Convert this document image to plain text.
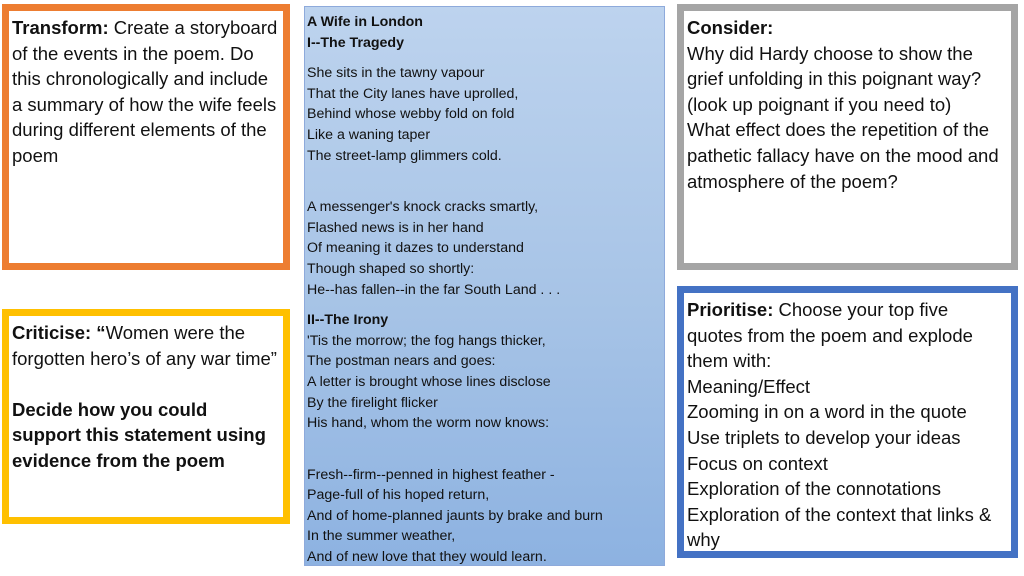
Transform: Create a storyboard of the events in the poem. Do this chronologically and include a summary of how the wife feels during different elements of the poem
Criticise: “Women were the forgotten hero’s of any war time”
Decide how you could support this statement using evidence from the poem
A Wife in London
I--The Tragedy
She sits in the tawny vapour
That the City lanes have uprolled,
Behind whose webby fold on fold
Like a waning taper
The street-lamp glimmers cold.
A messenger's knock cracks smartly,
Flashed news is in her hand
Of meaning it dazes to understand
Though shaped so shortly:
He--has fallen--in the far South Land . . .
II--The Irony
'Tis the morrow; the fog hangs thicker,
The postman nears and goes:
A letter is brought whose lines disclose
By the firelight flicker
His hand, whom the worm now knows:
Fresh--firm--penned in highest feather -
Page-full of his hoped return,
And of home-planned jaunts by brake and burn
In the summer weather,
And of new love that they would learn.
Consider:
Why did Hardy choose to show the grief unfolding in this poignant way? (look up poignant if you need to)
What effect does the repetition of the pathetic fallacy have on the mood and atmosphere of the poem?
Prioritise: Choose your top five quotes from the poem and explode them with:
Meaning/Effect
Zooming in on a word in the quote
Use triplets to develop your ideas
Focus on context
Exploration of the connotations
Exploration of the context that links & why
